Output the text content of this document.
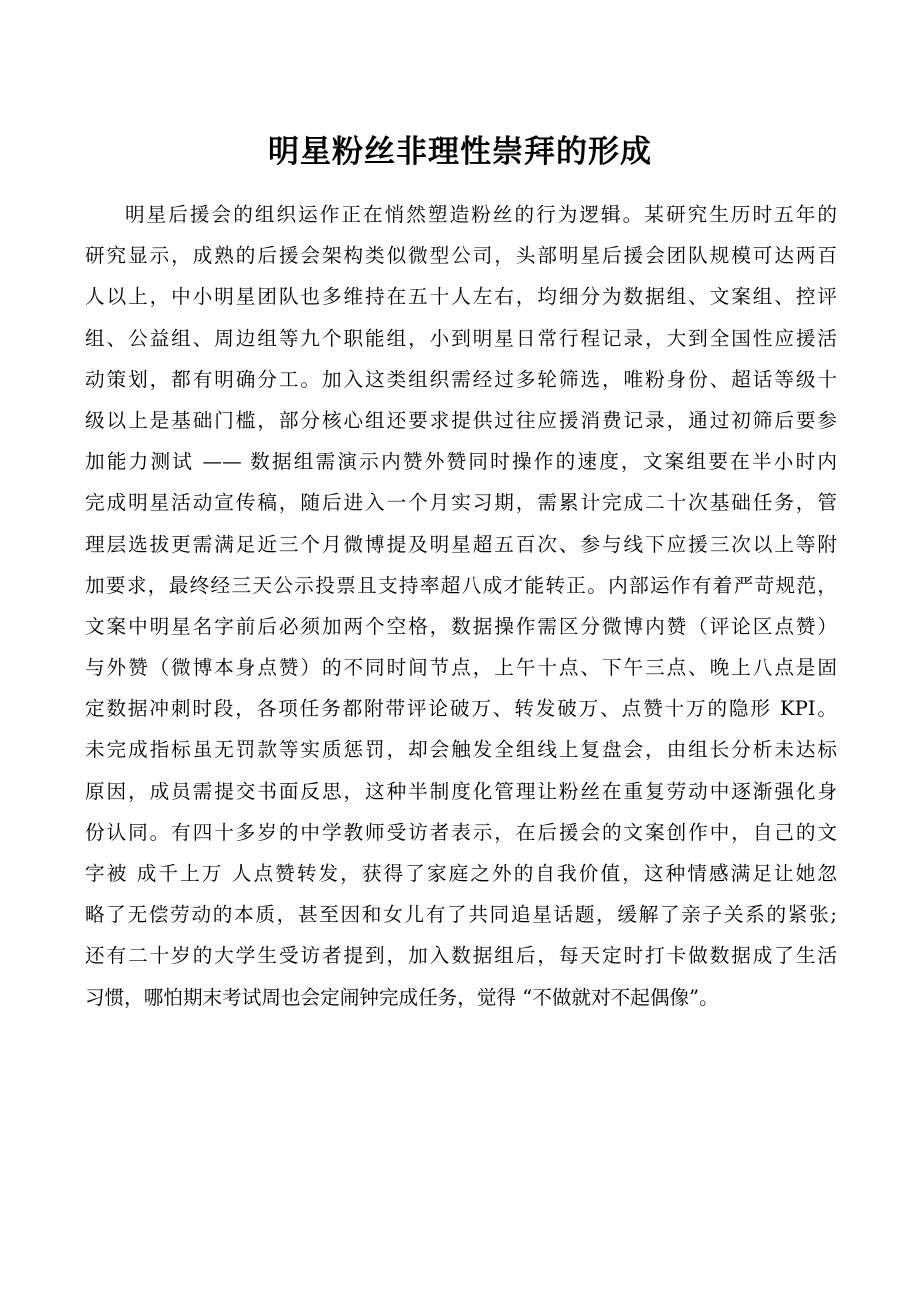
明星粉丝非理性崇拜的形成
明星后援会的组织运作正在悄然塑造粉丝的行为逻辑。某研究生历时五年的
研究显示，成熟的后援会架构类似微型公司，头部明星后援会团队规模可达两百
人以上，中小明星团队也多维持在五十人左右，均细分为数据组、文案组、控评
组、公益组、周边组等九个职能组，小到明星日常行程记录，大到全国性应援活
动策划，都有明确分工。加入这类组织需经过多轮筛选，唯粉身份、超话等级十
级以上是基础门槛，部分核心组还要求提供过往应援消费记录，通过初筛后要参
加能力测试 —— 数据组需演示内赞外赞同时操作的速度，文案组要在半小时内
完成明星活动宣传稿，随后进入一个月实习期，需累计完成二十次基础任务，管
理层选拔更需满足近三个月微博提及明星超五百次、参与线下应援三次以上等附
加要求，最终经三天公示投票且支持率超八成才能转正。内部运作有着严苛规范，
文案中明星名字前后必须加两个空格，数据操作需区分微博内赞（评论区点赞）
与外赞（微博本身点赞）的不同时间节点，上午十点、下午三点、晚上八点是固
定数据冲刺时段，各项任务都附带评论破万、转发破万、点赞十万的隐形 KPI。
未完成指标虽无罚款等实质惩罚，却会触发全组线上复盘会，由组长分析未达标
原因，成员需提交书面反思，这种半制度化管理让粉丝在重复劳动中逐渐强化身
份认同。有四十多岁的中学教师受访者表示，在后援会的文案创作中，自己的文
字被 成千上万 人点赞转发，获得了家庭之外的自我价值，这种情感满足让她忽
略了无偿劳动的本质，甚至因和女儿有了共同追星话题，缓解了亲子关系的紧张;
还有二十岁的大学生受访者提到，加入数据组后，每天定时打卡做数据成了生活
习惯，哪怕期末考试周也会定闹钟完成任务，觉得 “不做就对不起偶像”。
